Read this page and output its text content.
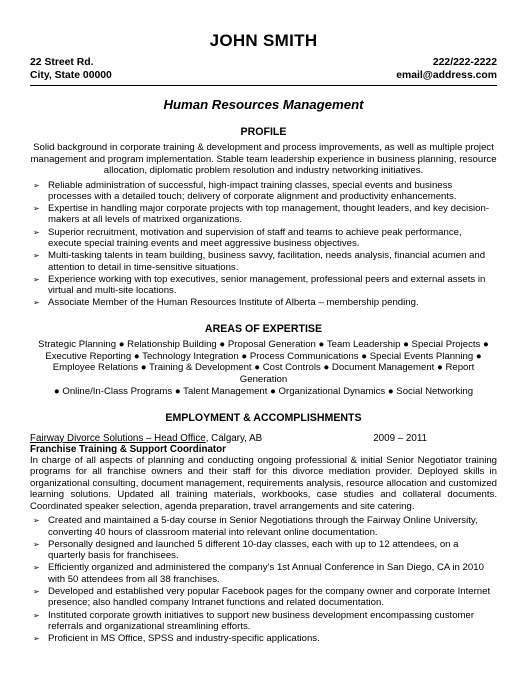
JOHN SMITH
22 Street Rd.
City, State 00000
222/222-2222
email@address.com
Human Resources Management
PROFILE

Solid background in corporate training & development and process improvements, as well as multiple project management and program implementation. Stable team leadership experience in business planning, resource allocation, diplomatic problem resolution and industry networking initiatives.

➢ Reliable administration of successful, high-impact training classes, special events and business processes with a detailed touch; delivery of corporate alignment and productivity enhancements.
➢ Expertise in handling major corporate projects with top management, thought leaders, and key decision-makers at all levels of matrixed organizations.
➢ Superior recruitment, motivation and supervision of staff and teams to achieve peak performance, execute special training events and meet aggressive business objectives.
➢ Multi-tasking talents in team building, business savvy, facilitation, needs analysis, financial acumen and attention to detail in time-sensitive situations.
➢ Experience working with top executives, senior management, professional peers and external assets in virtual and multi-site locations.
➢ Associate Member of the Human Resources Institute of Alberta – membership pending.
AREAS OF EXPERTISE
Strategic Planning ● Relationship Building ● Proposal Generation ● Team Leadership ● Special Projects ●
Executive Reporting ● Technology Integration ● Process Communications ● Special Events Planning ●
Employee Relations ● Training & Development ● Cost Controls ● Document Management ● Report Generation
● Online/In-Class Programs ● Talent Management ● Organizational Dynamics ● Social Networking
EMPLOYMENT & ACCOMPLISHMENTS
Fairway Divorce Solutions – Head Office, Calgary, AB	2009 – 2011
Franchise Training & Support Coordinator

In charge of all aspects of planning and conducting ongoing professional & initial Senior Negotiator training programs for all franchise owners and their staff for this divorce mediation provider. Deployed skills in organizational consulting, document management, requirements analysis, resource allocation and customized learning solutions. Updated all training materials, workbooks, case studies and collateral documents. Coordinated speaker selection, agenda preparation, travel arrangements and site catering.

➢ Created and maintained a 5-day course in Senior Negotiations through the Fairway Online University, converting 40 hours of classroom material into relevant online documentation.
➢ Personally designed and launched 5 different 10-day classes, each with up to 12 attendees, on a quarterly basis for franchisees.
➢ Efficiently organized and administered the company’s 1st Annual Conference in San Diego, CA in 2010 with 50 attendees from all 38 franchises.
➢ Developed and established very popular Facebook pages for the company owner and corporate Internet presence; also handled company Intranet functions and related documentation.
➢ Instituted corporate growth initiatives to support new business development encompassing customer referrals and organizational streamlining efforts.
➢ Proficient in MS Office, SPSS and industry-specific applications.
